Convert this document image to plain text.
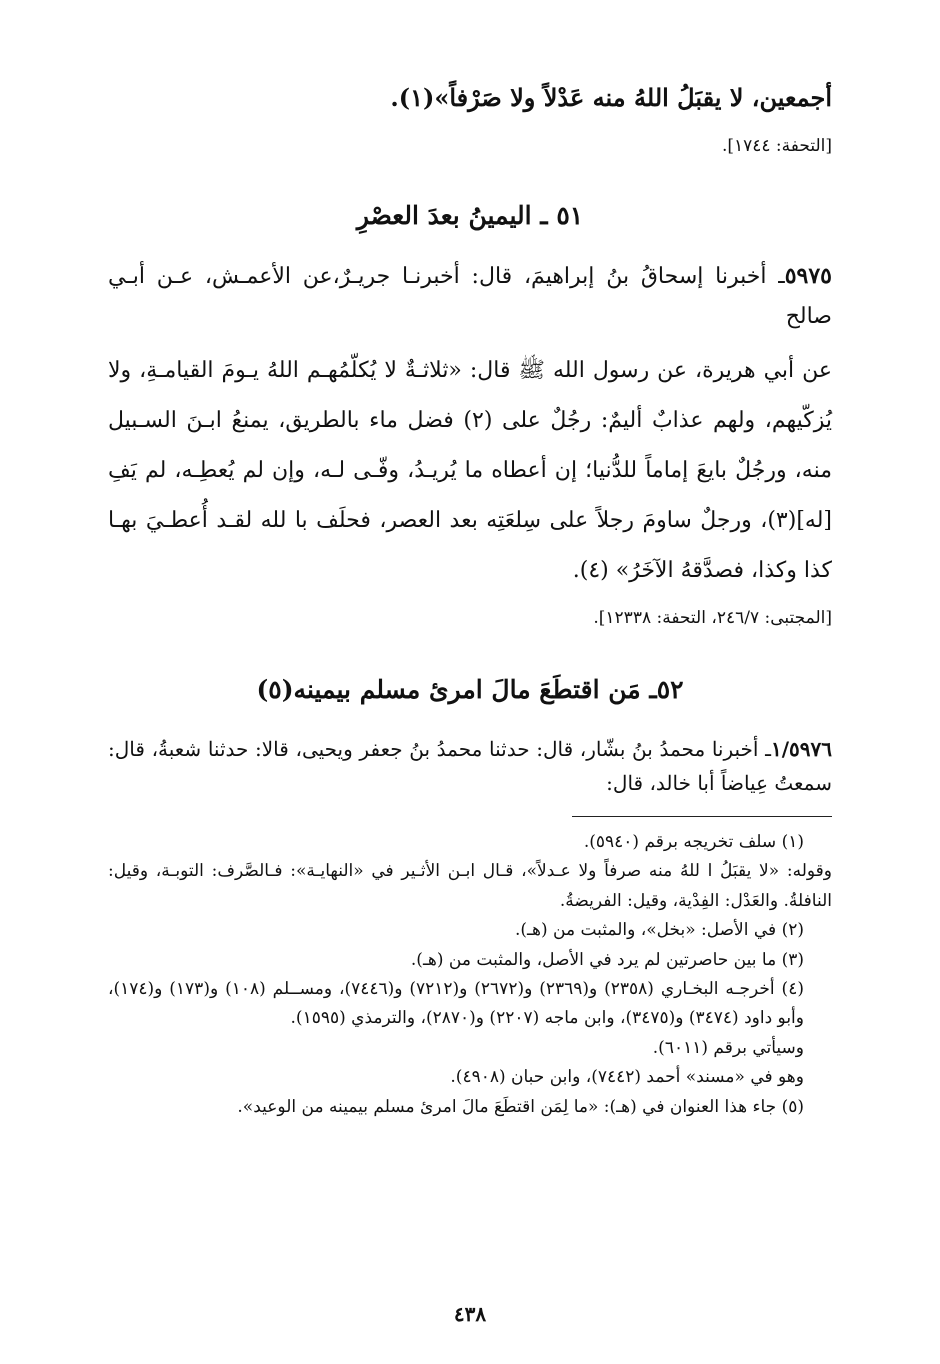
أجمعين، لا يقبَلُ اللهُ منه عَدْلاً ولا صَرْفاً»(١).
[التحفة: ١٧٤٤].
٥١ ـ اليمينُ بعدَ العصْرِ
٥٩٧٥ـ أخبرنا إسحاقُ بنُ إبراهيمَ، قال: أخبرنـا جريـرٌ،عن الأعمـش، عـن أبـي صالح
عن أبي هريرة، عن رسول الله ﷺ قال: «ثلاثـةٌ لا يُكلّمُهـم اللهُ يـومَ القيامـةِ، ولا يُزكّيهم، ولهم عذابٌ أليمٌ: رجُلٌ على (٢) فضل ماء بالطريق، يمنعُ ابـنَ السـبيل منه، ورجُلٌ بايعَ إماماً للدُّنيا؛ إن أعطاه ما يُريـدُ، وفّـى لـه، وإن لم يُعطِـه، لم يَفِ [له](٣)، ورجلٌ ساومَ رجلاً على سِلعَتِه بعد العصر، فحلَف با لله لقـد أُعطـيَ بهـا كذا وكذا، فصدَّقهُ الآخَرُ» (٤).
[المجتبى: ٢٤٦/٧، التحفة: ١٢٣٣٨].
٥٢ـ مَن اقتطَعَ مالَ امرئ مسلم بيمينه(٥)
١/٥٩٧٦ـ أخبرنا محمدُ بنُ بشّار، قال: حدثنا محمدُ بنُ جعفر ويحيى، قالا: حدثنا شعبةُ، قال: سمعتُ عِياضاً أبا خالد، قال:

(١) سلف تخريجه برقم (٥٩٤٠).

وقوله: «لا يقبَلُ ا للهُ منه صرفاً ولا عـدلاً»، قـال ابـن الأثـير في «النهايـة»: فـالصَّرف: التوبـة، وقيل: النافلةُ. والعَدْل: الفِدْية، وقيل: الفريضةُ.

(٢) في الأصل: «بخل»، والمثبت من (هـ).

(٣) ما بين حاصرتين لم يرد في الأصل، والمثبت من (هـ).

(٤) أخرجـه البخـاري (٢٣٥٨) و(٢٣٦٩) و(٢٦٧٢) و(٧٢١٢) و(٧٤٤٦)، ومســلم (١٠٨) و(١٧٣) و(١٧٤)، وأبو داود (٣٤٧٤) و(٣٤٧٥)، وابن ماجه (٢٢٠٧) و(٢٨٧٠)، والترمذي (١٥٩٥).

وسيأتي برقم (٦٠١١).

وهو في «مسند» أحمد (٧٤٤٢)، وابن حبان (٤٩٠٨).

(٥) جاء هذا العنوان في (هـ): «ما لِمَن اقتطَعَ مالَ امرئ مسلم بيمينه من الوعيد».

٤٣٨
